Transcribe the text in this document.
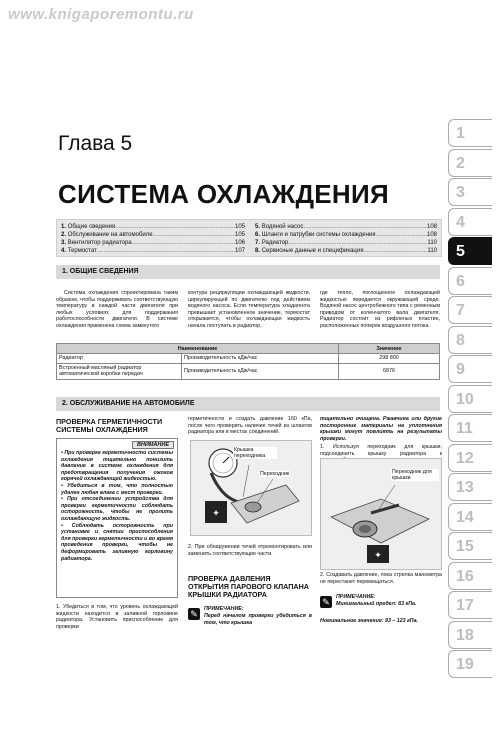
www.knigaporemontu.ru
Глава 5
СИСТЕМА ОХЛАЖДЕНИЯ
1.
Общие сведения .....	105
2.
Обслуживание на автомобиле .....	105
3.
Вентилятор радиатора .....	106
4.
Термостат .....	107
5.
Водяной насос .....	108
6.
Шланги и патрубки системы охлаждения .....	108
7.
Радиатор .....	110
8.
Сервисные данные и спецификация .....	110
1. ОБЩИЕ СВЕДЕНИЯ
Система охлаждения спроектирована таким образом, чтобы поддерживать соответствующую температуру в каждой части двигателя при любых условиях для поддержания работоспособности двигателя. В системе охлаждения применена схема замкнутого
контура рециркуляции охлаждающей жидкости, циркулирующей по двигателю под действием водяного насоса. Если температура хладагента превышает установленное значение, термостат открывается, чтобы охлаждающая жидкость начала поступать в радиатор,
где тепло, поглощенное охлаждающей жидкостью передается окружающей среде. Водяной насос центробежного типа с ременным приводом от коленчатого вала двигателя. Радиатор состоит из рифленых пластин, расположенных поперек воздушного потока.
Наименование		Значение
Радиатор	Производительность кДж/час	298 800
Встроенный масляный радиатор автоматической коробки передач	Производительность кДж/час	6876
2. ОБСЛУЖИВАНИЕ НА АВТОМОБИЛЕ
ПРОВЕРКА ГЕРМЕТИЧНОСТИ СИСТЕМЫ ОХЛАЖДЕНИЯ
ВНИМАНИЕ
• При проверке герметичности системы охлаждения тщательно понизить давление в системе охлаждения для предотвращения получения ожогов горячей охлаждающей жидкостью.
• Убедиться в том, что полностью удален любая влага с мест проверки.
• При отсоединении устройства для проверки герметичности соблюдать осторожность, чтобы не пролить охлаждающую жидкость.
• Соблюдать осторожность при установке и снятии приспособления для проверки герметичности и во время проведения проверки, чтобы не деформировать заливную горловину радиатора.
1. Убедиться в том, что уровень охлаждающей жидкости находится в заливной горловине радиатора. Установить приспособление для проверки
герметичности и создать давление 160 кПа, после чего проверить наличие течей из шлангов радиатора или в местах соединений.
✦
Крышка переходника
Переходник
2. При обнаружении течей отремонтировать или заменить соответствующие части.
ПРОВЕРКА ДАВЛЕНИЯ ОТКРЫТИЯ ПАРОВОГО КЛАПАНА КРЫШКИ РАДИАТОРА
✎	ПРИМЕЧАНИЕ:
Перед началом проверки убедиться в том, что крышка
тщательно очищена. Ржавчина или другие посторонние материалы на уплотнения крышки могут повлиять на результаты проверки.
1. Используя переходник для крышки, подсоединить крышку радиатора к
✦
Переходник для крышки
2. Создавать давление, пока стрелка манометра не перестанет перемещаться.
✎	ПРИМЕЧАНИЕ:
Минимальный предел: 83 кПа.
Номинальное значение: 93 – 123 кПа.
1
2
3
4
5
6
7
8
9
10
11
12
13
14
15
16
17
18
19
